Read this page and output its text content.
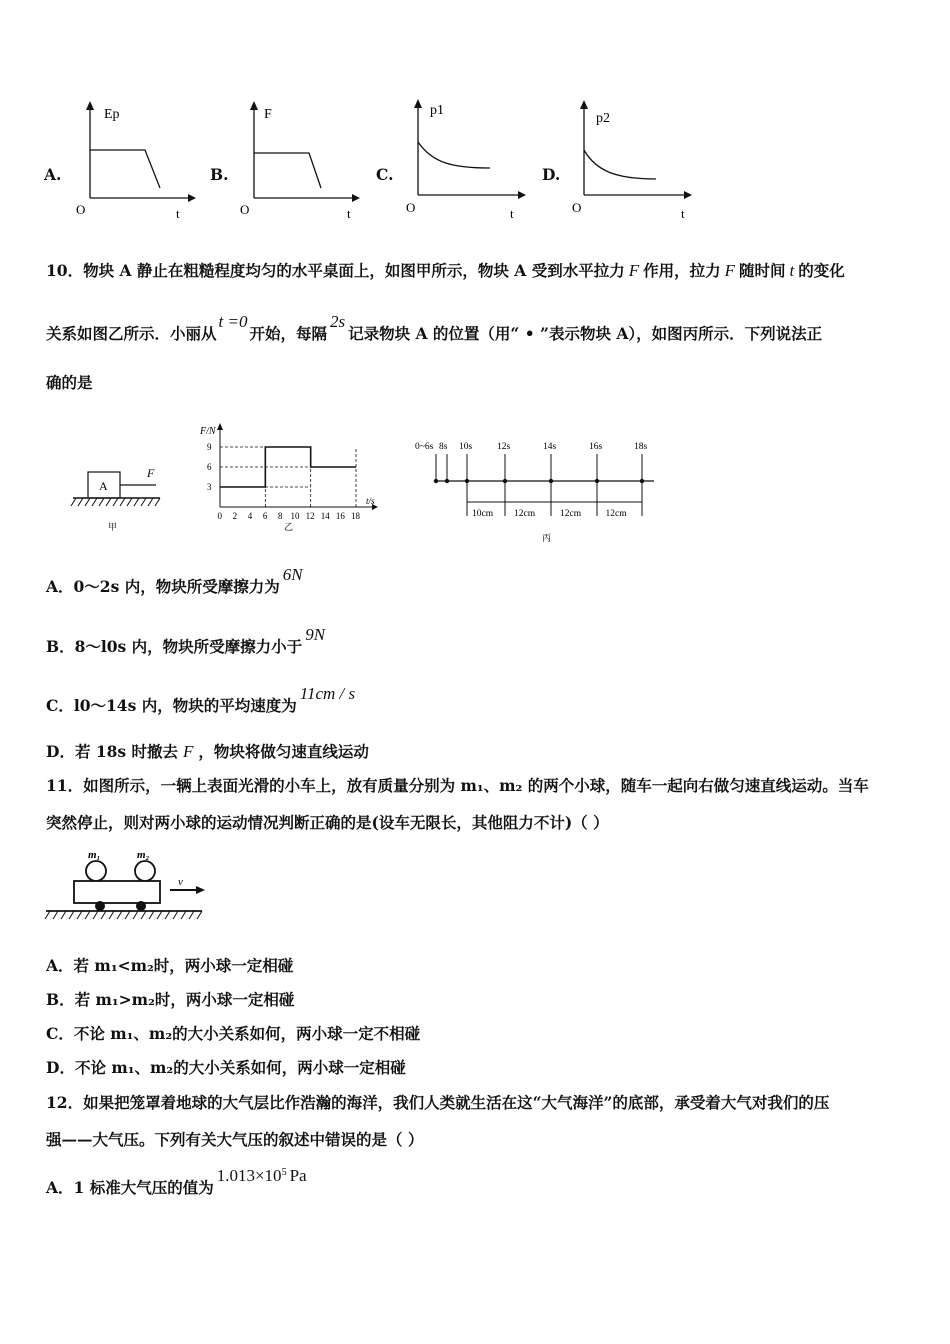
A.
Ep
O	t
B.
F
O	t
C.
p1
O	t
D.
p2
O	t
10．物块 A 静止在粗糙程度均匀的水平桌面上，如图甲所示，物块 A 受到水平拉力 F 作用，拉力 F 随时间 t 的变化
关系如图乙所示．小丽从t =0开始，每隔2s记录物块 A 的位置（用“ • ”表示物块 A），如图丙所示．下列说法正
确的是
A
F
甲
F/N
t/s
9
6
3
0 2 4 6 8 10 12 14 16 18
乙
0~6s 8s 10s	12s	14s	16s	18s
10cm 12cm	12cm	12cm
丙
A．0～2s 内，物块所受摩擦力为6N
B．8～l0s 内，物块所受摩擦力小于9N
C．l0～14s 内，物块的平均速度为11cm / s
D．若 18s 时撤去 F ，物块将做匀速直线运动
11．如图所示，一辆上表面光滑的小车上，放有质量分别为 m₁、m₂ 的两个小球，随车一起向右做匀速直线运动。当车
突然停止，则对两小球的运动情况判断正确的是(设车无限长，其他阻力不计)（ ）
m₁	m₂
v
A．若 m₁<m₂时，两小球一定相碰
B．若 m₁>m₂时，两小球一定相碰
C．不论 m₁、m₂的大小关系如何，两小球一定不相碰
D．不论 m₁、m₂的大小关系如何，两小球一定相碰
12．如果把笼罩着地球的大气层比作浩瀚的海洋，我们人类就生活在这“大气海洋”的底部，承受着大气对我们的压
强——大气压。下列有关大气压的叙述中错误的是（ ）
A．1 标准大气压的值为$1.013\times 10^5$ Pa
